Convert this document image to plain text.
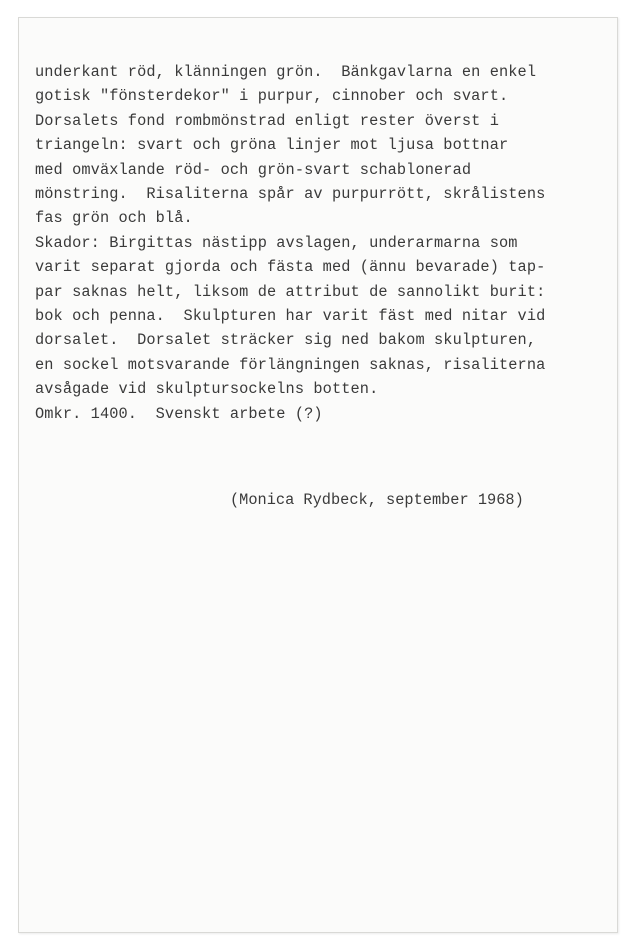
underkant röd, klänningen grön.  Bänkgavlarna en enkel
gotisk "fönsterdekor" i purpur, cinnober och svart.
Dorsalets fond rombmönstrad enligt rester överst i
triangeln: svart och gröna linjer mot ljusa bottnar
med omväxlande röd- och grön-svart schablonerad
mönstring.  Risaliterna spår av purpurrött, skrålistens
fas grön och blå.
Skador: Birgittas nästipp avslagen, underarmarna som
varit separat gjorda och fästa med (ännu bevarade) tap-
par saknas helt, liksom de attribut de sannolikt burit:
bok och penna.  Skulpturen har varit fäst med nitar vid
dorsalet.  Dorsalet sträcker sig ned bakom skulpturen,
en sockel motsvarande förlängningen saknas, risaliterna
avsågade vid skulptursockelns botten.
Omkr. 1400.  Svenskt arbete (?)
(Monica Rydbeck, september 1968)
